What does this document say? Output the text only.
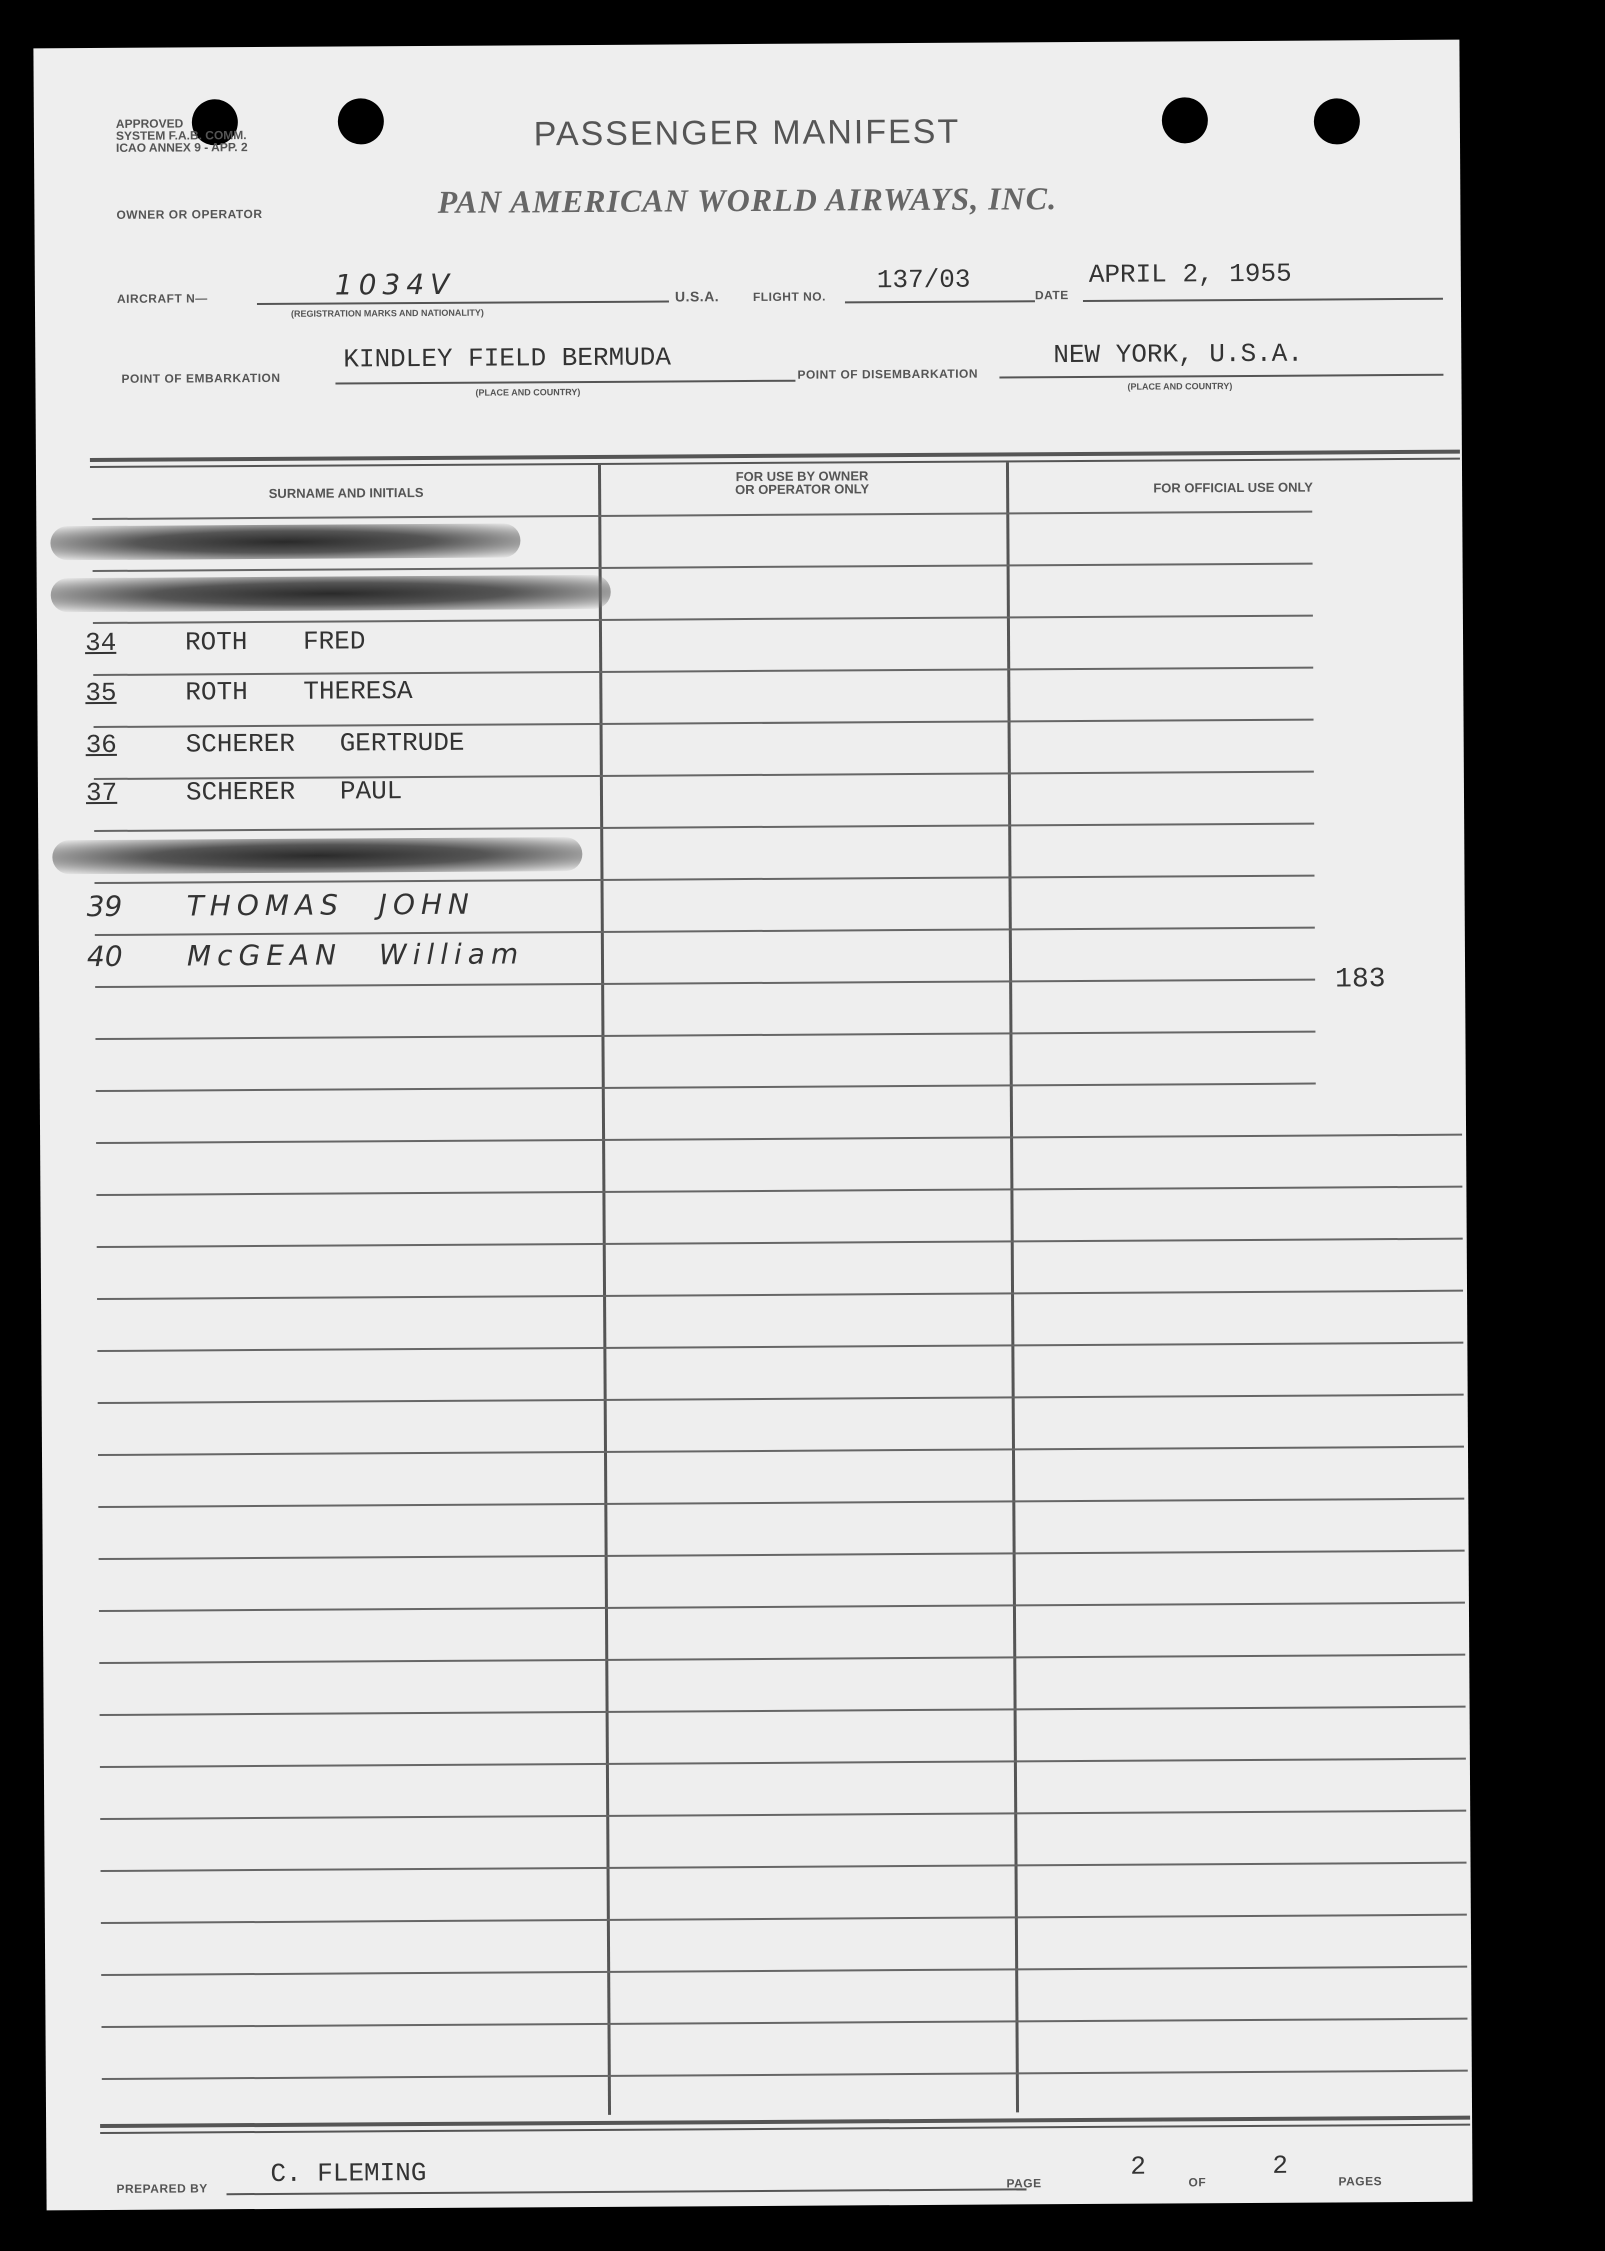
APPROVED
SYSTEM F.A.B. COMM.
ICAO ANNEX 9 - APP. 2	PASSENGER MANIFEST
OWNER OR OPERATOR	PAN AMERICAN WORLD AIRWAYS, INC.
AIRCRAFT N—	1034V
(REGISTRATION MARKS AND NATIONALITY)
U.S.A.	FLIGHT NO.
137/03	DATE
APRIL 2, 1955
POINT OF EMBARKATION
KINDLEY FIELD BERMUDA
(PLACE AND COUNTRY)
POINT OF DISEMBARKATION
NEW YORK, U.S.A.
(PLACE AND COUNTRY)
SURNAME AND INITIALS
FOR USE BY OWNER
OR OPERATOR ONLY	FOR OFFICIAL USE ONLY
34	ROTH FRED
35	ROTH THERESA
36	SCHERER GERTRUDE
37	SCHERER PAUL
39 THOMAS JOHN
40 McGEAN William
183
PREPARED BY C. FLEMING	PAGE
2
OF
2
PAGES
